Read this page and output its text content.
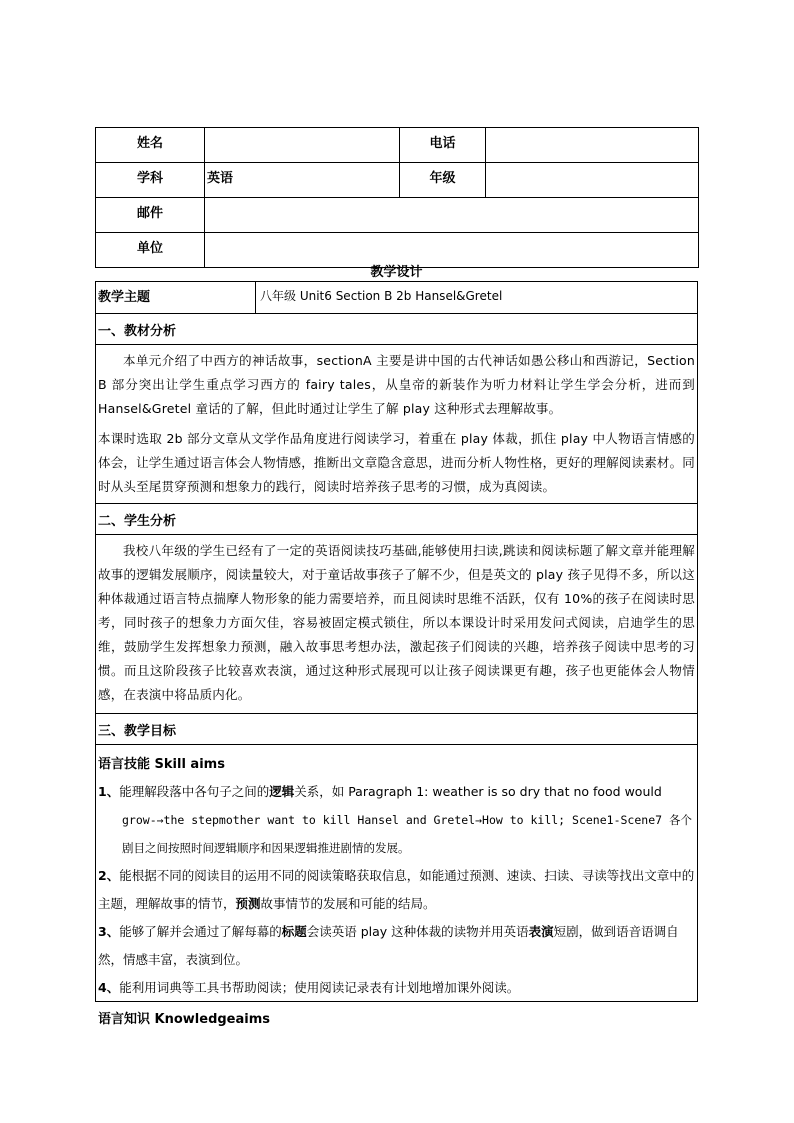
姓名		电话	
学科	英语	年级	
邮件			
单位			
教学设计
教学主题	八年级 Unit6 Section B 2b Hansel&Gretel
一、教材分析
本单元介绍了中西方的神话故事，sectionA 主要是讲中国的古代神话如愚公移山和西游记，Section B 部分突出让学生重点学习西方的 fairy tales，从皇帝的新装作为听力材料让学生学会分析，进而到 Hansel&Gretel 童话的了解，但此时通过让学生了解 play 这种形式去理解故事。
本课时选取 2b 部分文章从文学作品角度进行阅读学习，着重在 play 体裁，抓住 play 中人物语言情感的体会，让学生通过语言体会人物情感，推断出文章隐含意思，进而分析人物性格，更好的理解阅读素材。同时从头至尾贯穿预测和想象力的践行，阅读时培养孩子思考的习惯，成为真阅读。
二、学生分析
我校八年级的学生已经有了一定的英语阅读技巧基础,能够使用扫读,跳读和阅读标题了解文章并能理解故事的逻辑发展顺序，阅读量较大，对于童话故事孩子了解不少，但是英文的 play 孩子见得不多，所以这种体裁通过语言特点揣摩人物形象的能力需要培养，而且阅读时思维不活跃，仅有 10%的孩子在阅读时思考，同时孩子的想象力方面欠佳，容易被固定模式锁住，所以本课设计时采用发问式阅读，启迪学生的思维，鼓励学生发挥想象力预测，融入故事思考想办法，激起孩子们阅读的兴趣，培养孩子阅读中思考的习惯。而且这阶段孩子比较喜欢表演，通过这种形式展现可以让孩子阅读课更有趣，孩子也更能体会人物情感，在表演中将品质内化。
三、教学目标
语言技能 Skill aims
1、能理解段落中各句子之间的逻辑关系，如 Paragraph 1: weather is so dry that no food would
grow-→the stepmother want to kill Hansel and Gretel→How to kill; Scene1-Scene7 各个剧目之间按照时间逻辑顺序和因果逻辑推进剧情的发展。
2、能根据不同的阅读目的运用不同的阅读策略获取信息，如能通过预测、速读、扫读、寻读等找出文章中的主题，理解故事的情节，预测故事情节的发展和可能的结局。
3、能够了解并会通过了解每幕的标题会读英语 play 这种体裁的读物并用英语表演短剧，做到语音语调自然，情感丰富，表演到位。
4、能利用词典等工具书帮助阅读；使用阅读记录表有计划地增加课外阅读。
语言知识 Knowledgeaims
